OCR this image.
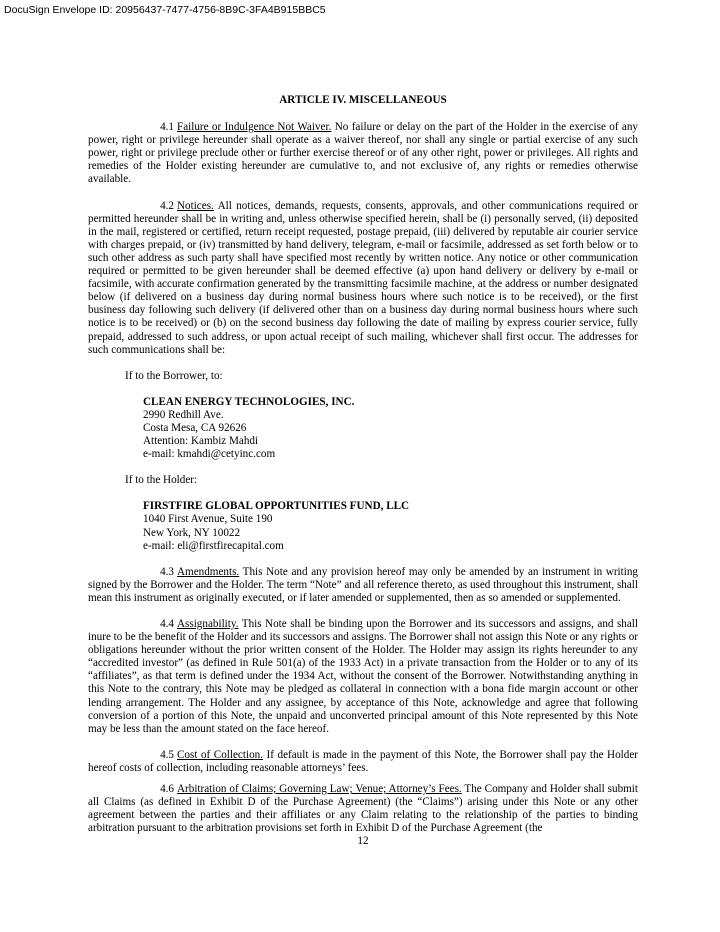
DocuSign Envelope ID: 20956437-7477-4756-8B9C-3FA4B915BBC5

ARTICLE IV. MISCELLANEOUS

4.1 Failure or Indulgence Not Waiver. No failure or delay on the part of the Holder in the exercise of any power, right or privilege hereunder shall operate as a waiver thereof, nor shall any single or partial exercise of any such power, right or privilege preclude other or further exercise thereof or of any other right, power or privileges. All rights and remedies of the Holder existing hereunder are cumulative to, and not exclusive of, any rights or remedies otherwise available.

4.2 Notices. All notices, demands, requests, consents, approvals, and other communications required or permitted hereunder shall be in writing and, unless otherwise specified herein, shall be (i) personally served, (ii) deposited in the mail, registered or certified, return receipt requested, postage prepaid, (iii) delivered by reputable air courier service with charges prepaid, or (iv) transmitted by hand delivery, telegram, e-mail or facsimile, addressed as set forth below or to such other address as such party shall have specified most recently by written notice. Any notice or other communication required or permitted to be given hereunder shall be deemed effective (a) upon hand delivery or delivery by e-mail or facsimile, with accurate confirmation generated by the transmitting facsimile machine, at the address or number designated below (if delivered on a business day during normal business hours where such notice is to be received), or the first business day following such delivery (if delivered other than on a business day during normal business hours where such notice is to be received) or (b) on the second business day following the date of mailing by express courier service, fully prepaid, addressed to such address, or upon actual receipt of such mailing, whichever shall first occur. The addresses for such communications shall be:

If to the Borrower, to:

CLEAN ENERGY TECHNOLOGIES, INC.
2990 Redhill Ave.
Costa Mesa, CA 92626
Attention: Kambiz Mahdi
e-mail: kmahdi@cetyinc.com

If to the Holder:

FIRSTFIRE GLOBAL OPPORTUNITIES FUND, LLC
1040 First Avenue, Suite 190
New York, NY 10022
e-mail: eli@firstfirecapital.com

4.3 Amendments. This Note and any provision hereof may only be amended by an instrument in writing signed by the Borrower and the Holder. The term “Note” and all reference thereto, as used throughout this instrument, shall mean this instrument as originally executed, or if later amended or supplemented, then as so amended or supplemented.

4.4 Assignability. This Note shall be binding upon the Borrower and its successors and assigns, and shall inure to be the benefit of the Holder and its successors and assigns. The Borrower shall not assign this Note or any rights or obligations hereunder without the prior written consent of the Holder. The Holder may assign its rights hereunder to any “accredited investor” (as defined in Rule 501(a) of the 1933 Act) in a private transaction from the Holder or to any of its “affiliates”, as that term is defined under the 1934 Act, without the consent of the Borrower. Notwithstanding anything in this Note to the contrary, this Note may be pledged as collateral in connection with a bona fide margin account or other lending arrangement. The Holder and any assignee, by acceptance of this Note, acknowledge and agree that following conversion of a portion of this Note, the unpaid and unconverted principal amount of this Note represented by this Note may be less than the amount stated on the face hereof.

4.5 Cost of Collection. If default is made in the payment of this Note, the Borrower shall pay the Holder hereof costs of collection, including reasonable attorneys’ fees.

4.6 Arbitration of Claims; Governing Law; Venue; Attorney’s Fees. The Company and Holder shall submit all Claims (as defined in Exhibit D of the Purchase Agreement) (the “Claims”) arising under this Note or any other agreement between the parties and their affiliates or any Claim relating to the relationship of the parties to binding arbitration pursuant to the arbitration provisions set forth in Exhibit D of the Purchase Agreement (the

12
